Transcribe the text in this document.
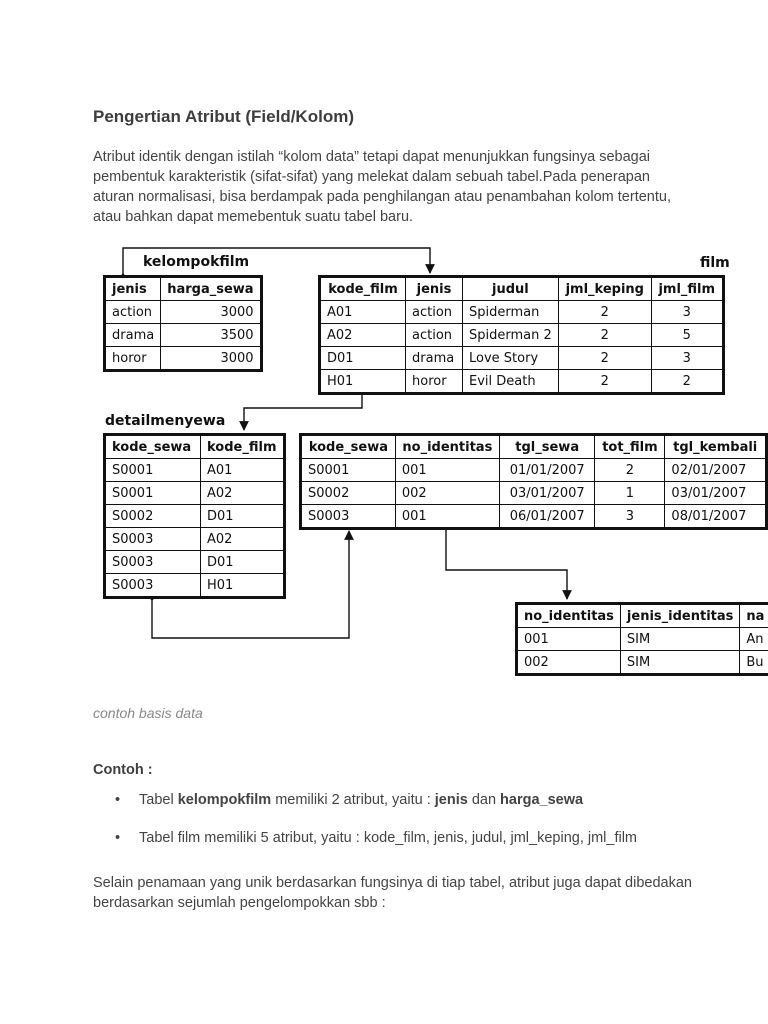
Pengertian Atribut (Field/Kolom)

Atribut identik dengan istilah “kolom data” tetapi dapat menunjukkan fungsinya sebagai pembentuk karakteristik (sifat-sifat) yang melekat dalam sebuah tabel.Pada penerapan aturan normalisasi, bisa berdampak pada penghilangan atau penambahan kolom tertentu, atau bahkan dapat memebentuk suatu tabel baru.

kelompokfilm	film
detailmenyewa
jenis	harga_sewa
action	3000
drama	3500
horor	3000
kode_film	jenis	judul	jml_keping	jml_film
A01	action	Spiderman	2	3
A02	action	Spiderman 2	2	5
D01	drama	Love Story	2	3
H01	horor	Evil Death	2	2
kode_sewa	kode_film
S0001	A01
S0001	A02
S0002	D01
S0003	A02
S0003	D01
S0003	H01
kode_sewa	no_identitas	tgl_sewa	tot_film	tgl_kembali
S0001	001	01/01/2007	2	02/01/2007
S0002	002	03/01/2007	1	03/01/2007
S0003	001	06/01/2007	3	08/01/2007
no_identitas	jenis_identitas	na
001	SIM	An
002	SIM	Bu

contoh basis data

Contoh :

• Tabel kelompokfilm memiliki 2 atribut, yaitu : jenis dan harga_sewa
• Tabel film memiliki 5 atribut, yaitu : kode_film, jenis, judul, jml_keping, jml_film

Selain penamaan yang unik berdasarkan fungsinya di tiap tabel, atribut juga dapat dibedakan berdasarkan sejumlah pengelompokkan sbb :
